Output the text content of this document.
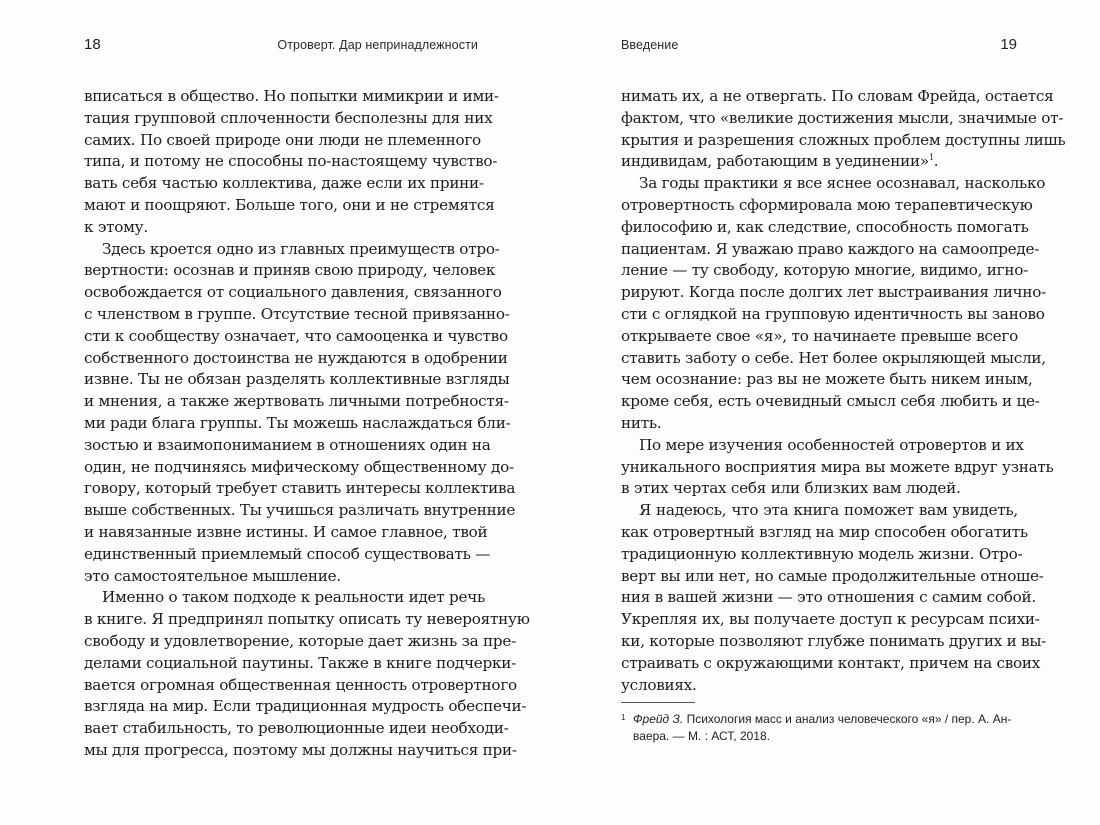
18	Отроверт. Дар непринадлежности
вписаться в общество. Но попытки мимикрии и ими-
тация групповой сплоченности бесполезны для них
самих. По своей природе они люди не племенного
типа, и потому не способны по-настоящему чувство-
вать себя частью коллектива, даже если их прини-
мают и поощряют. Больше того, они и не стремятся
к этому.
Здесь кроется одно из главных преимуществ отро-
вертности: осознав и приняв свою природу, человек
освобождается от социального давления, связанного
с членством в группе. Отсутствие тесной привязанно-
сти к сообществу означает, что самооценка и чувство
собственного достоинства не нуждаются в одобрении
извне. Ты не обязан разделять коллективные взгляды
и мнения, а также жертвовать личными потребностя-
ми ради блага группы. Ты можешь наслаждаться бли-
зостью и взаимопониманием в отношениях один на
один, не подчиняясь мифическому общественному до-
говору, который требует ставить интересы коллектива
выше собственных. Ты учишься различать внутренние
и навязанные извне истины. И самое главное, твой
единственный приемлемый способ существовать —
это самостоятельное мышление.
Именно о таком подходе к реальности идет речь
в книге. Я предпринял попытку описать ту невероятную
свободу и удовлетворение, которые дает жизнь за пре-
делами социальной паутины. Также в книге подчерки-
вается огромная общественная ценность отровертного
взгляда на мир. Если традиционная мудрость обеспечи-
вает стабильность, то революционные идеи необходи-
мы для прогресса, поэтому мы должны научиться при-
Введение	19
нимать их, а не отвергать. По словам Фрейда, остается
фактом, что «великие достижения мысли, значимые от-
крытия и разрешения сложных проблем доступны лишь
индивидам, работающим в уединении»$^1$.
За годы практики я все яснее осознавал, насколько
отровертность сформировала мою терапевтическую
философию и, как следствие, способность помогать
пациентам. Я уважаю право каждого на самоопреде-
ление — ту свободу, которую многие, видимо, игно-
рируют. Когда после долгих лет выстраивания лично-
сти с оглядкой на групповую идентичность вы заново
открываете свое «я», то начинаете превыше всего
ставить заботу о себе. Нет более окрыляющей мысли,
чем осознание: раз вы не можете быть никем иным,
кроме себя, есть очевидный смысл себя любить и це-
нить.
По мере изучения особенностей отровертов и их
уникального восприятия мира вы можете вдруг узнать
в этих чертах себя или близких вам людей.
Я надеюсь, что эта книга поможет вам увидеть,
как отровертный взгляд на мир способен обогатить
традиционную коллективную модель жизни. Отро-
верт вы или нет, но самые продолжительные отноше-
ния в вашей жизни — это отношения с самим собой.
Укрепляя их, вы получаете доступ к ресурсам психи-
ки, которые позволяют глубже понимать других и вы-
страивать с окружающими контакт, причем на своих
условиях.
1 Фрейд З. Психология масс и анализ человеческого «я» / пер. А. Ан-
ваера. — М. : АСТ, 2018.
